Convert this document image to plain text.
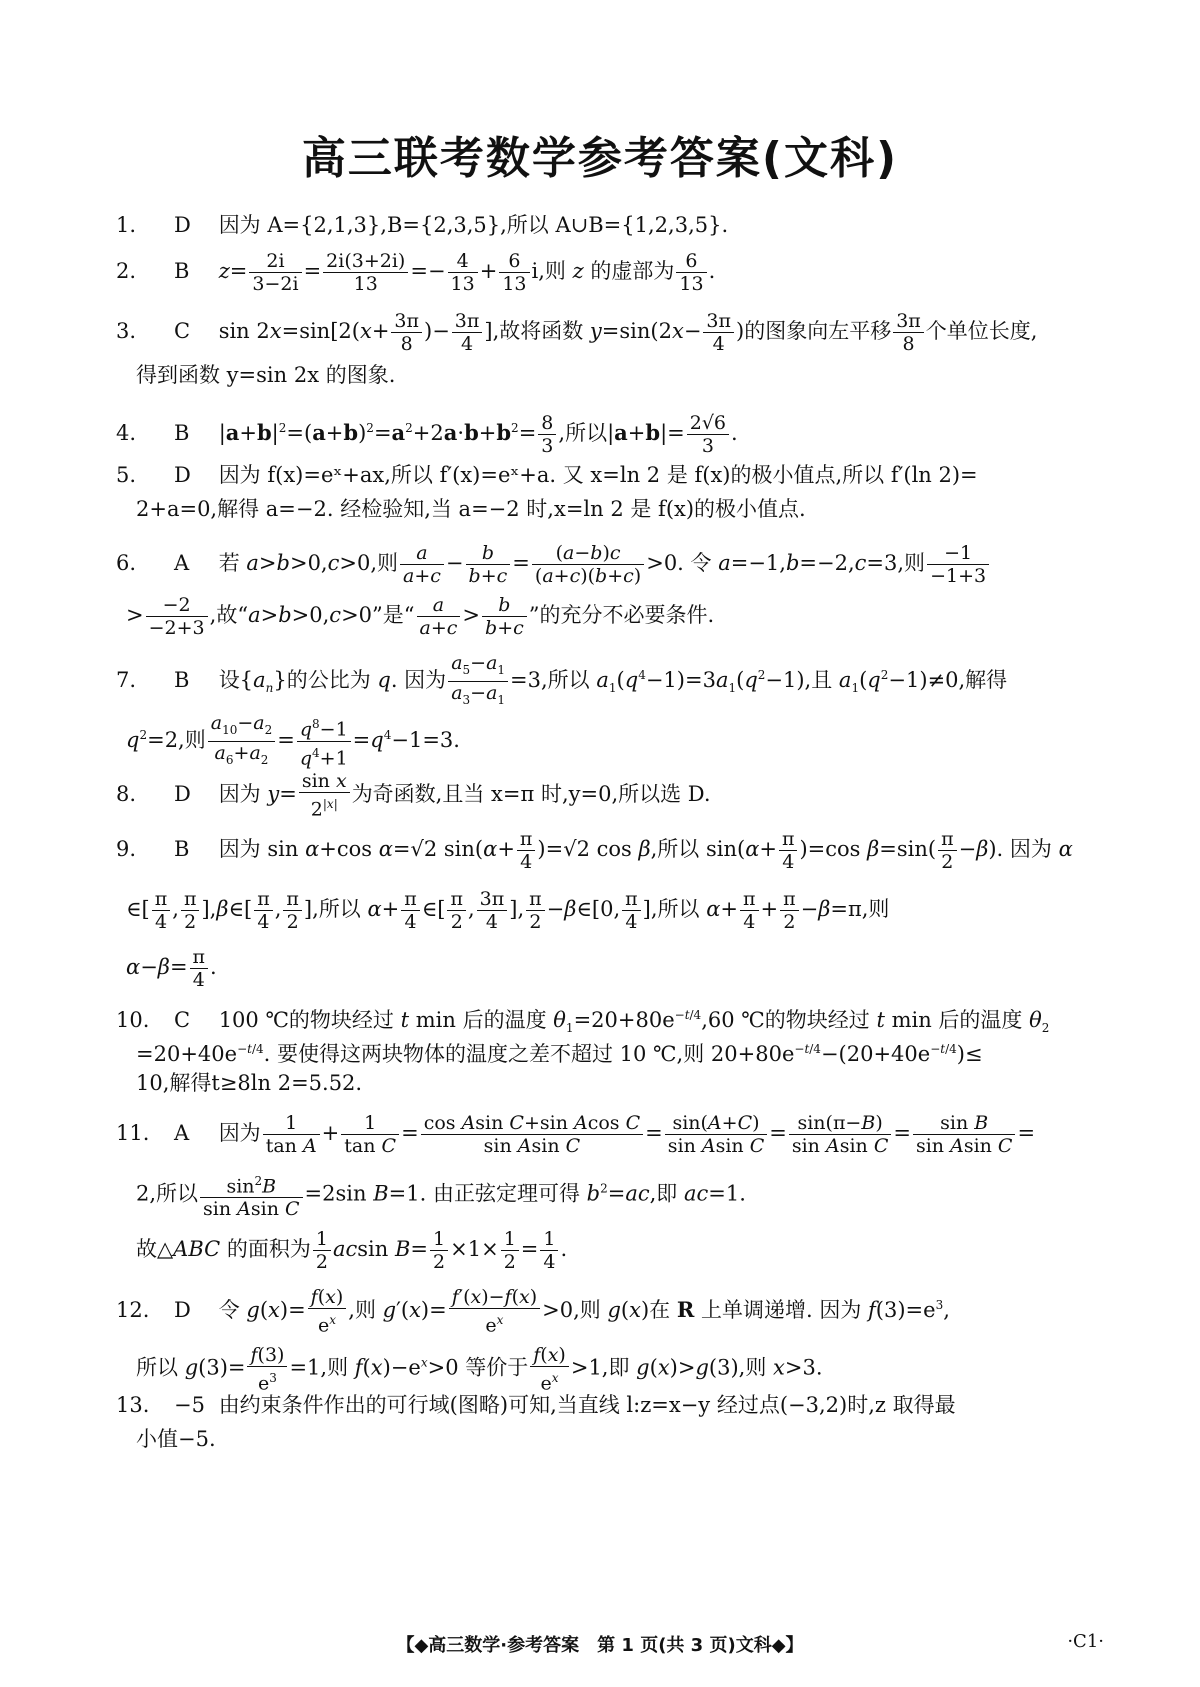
高三联考数学参考答案(文科)
1. D 因为 A={2,1,3},B={2,3,5},所以 A∪B={1,2,3,5}.
2. B $z= \frac{2i}{3-2i} = \frac{2i(3+2i)}{13} =- \frac{4}{13} + \frac{6}{13} i$,则 z 的虚部为 $\frac{6}{13}$ .
3. C $\sin 2x=\sin[2(x+ \frac{3\pi}{8}$ )− $\frac{3\pi}{4}$ ],故将函数 $y=\sin(2x- \frac{3\pi}{4}$ )的图象向左平移 $\frac{3\pi}{8}$ 个单位长度,
得到函数 y=sin 2x 的图象.
4. B $|a+b|^2=(a+b)^2=a^2+2a\cdot b+b^2= \frac{8}{3}$ ,所以$|a+b|= \frac{2√6}{3}$ .
5. D 因为 f(x)=eˣ+ax,所以 f′(x)=eˣ+a. 又 x=ln 2 是 f(x)的极小值点,所以 f′(ln 2)=
2+a=0,解得 a=−2. 经检验知,当 a=−2 时,x=ln 2 是 f(x)的极小值点.
6. A 若 a>b>0,c>0,则 $\frac{a}{a+c} - \frac{b}{b+c} = \frac{(a-b)c}{(a+c)(b+c)} >0$. 令 a=−1,b=−2,c=3,则 $\frac{-1}{-1+3}$
> $\frac{-2}{-2+3}$ ,故“a>b>0,c>0”是“ $\frac{a}{a+c} > \frac{b}{b+c}$ ”的充分不必要条件.
7. B 设$\{a_n\}$的公比为 q. 因为 $\frac{a_5-a_1}{a_3-a_1} =3$,所以 $a_1(q^4-1)=3a_1(q^2-1)$,且 $a_1(q^2-1)\ne 0$,解得
$q^2=2$,则 $\frac{a_{10}-a_2}{a_6+a_2} = \frac{q^8-1}{q^4+1} =q^4-1=3$.
8. D 因为 $y= \frac{\text{sin x}}{2^{|x|}}$ 为奇函数,且当 x=π 时,y=0,所以选 D.
9. B 因为 sin α+cos α=√2 $\sin(\alpha+ \frac{\pi}{4} )=√2$ cos β,所以 $\sin(\alpha+ \frac{\pi}{4} )=\cos$ $\beta=\sin( \frac{\pi}{2} -\beta)$. 因为 α
∈[ $\frac{\pi}{4}$ , $\frac{\pi}{2}$ ],β∈[ $\frac{\pi}{4}$ , $\frac{\pi}{2}$ ],所以 $\alpha+ \frac{\pi}{4}$ ∈[ $\frac{\pi}{2}$ , $\frac{3\pi}{4}$ ], $\frac{\pi}{2}$ −β∈[0, $\frac{\pi}{4}$ ],所以 $\alpha+ \frac{\pi}{4} + \frac{\pi}{2} -\beta=\pi$,则
$\alpha-\beta= \frac{\pi}{4}$ .
10. C 100 ℃的物块经过 t min 后的温度 $\theta_1=20+80e^{-t/4},60$ ℃的物块经过 t min 后的温度 $\theta_2$
$=20+40e^{-t/4}$. 要使得这两块物体的温度之差不超过 10 ℃,则 $20+80e^{-t/4}-(20+40e^{-t/4})\le$
10,解得t≥8ln 2=5.52.
11. A 因为 $\frac{1}{\text{tan A}} + \frac{1}{\text{tan C}} = \frac{\text{cos Asin C+sin Acos C}}{\text{sin Asin C}} = \frac{\sin(A+C)}{\text{sin Asin C}} = \frac{\sin(\pi-B)}{\text{sin Asin C}} = \frac{\text{sin B}}{\text{sin Asin C}}$ =
2,所以 $\frac{\sin^2B}{\text{sin Asin C}} =2\sin$ B=1. 由正弦定理可得 $b^2=ac$,即 ac=1.
故△ABC 的面积为 $\frac{1}{2}$ acsin $B= \frac{1}{2} \times 1\times \frac{1}{2} = \frac{1}{4}$ .
12. D 令 $g(x)= \frac{f(x)}{e^x}$ ,则 $g'(x)= \frac{f'(x)-f(x)}{e^x} >0$,则 g(x)在 R 上单调递增. 因为 $f(3)=e^3$,
所以 $g(3)= \frac{f(3)}{e^3} =1$,则 $f(x)-e^x>0$ 等价于 $\frac{f(x)}{e^x} >1$,即 g(x)>g(3),则 x>3.
13. −5 由约束条件作出的可行域(图略)可知,当直线 l:z=x−y 经过点(−3,2)时,z 取得最
小值−5.
【◆高三数学·参考答案　第 1 页(共 3 页)文科◆】	·C1·
